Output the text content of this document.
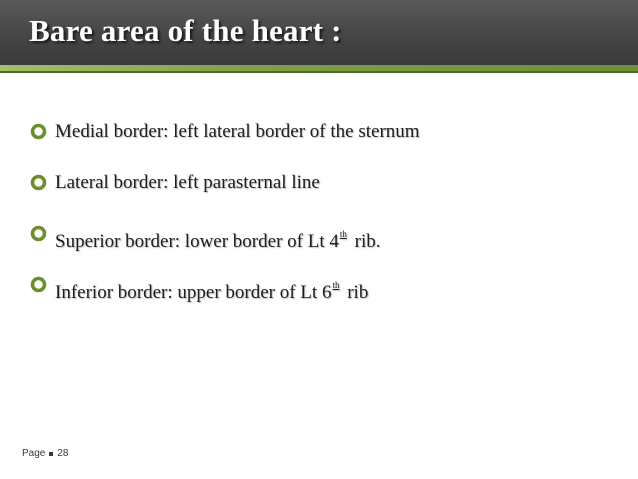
Bare area of the heart :
Medial border: left lateral border of the sternum
Lateral border: left parasternal line
Superior border: lower border of Lt 4th rib.
Inferior border: upper border of Lt 6th rib
Page 28
